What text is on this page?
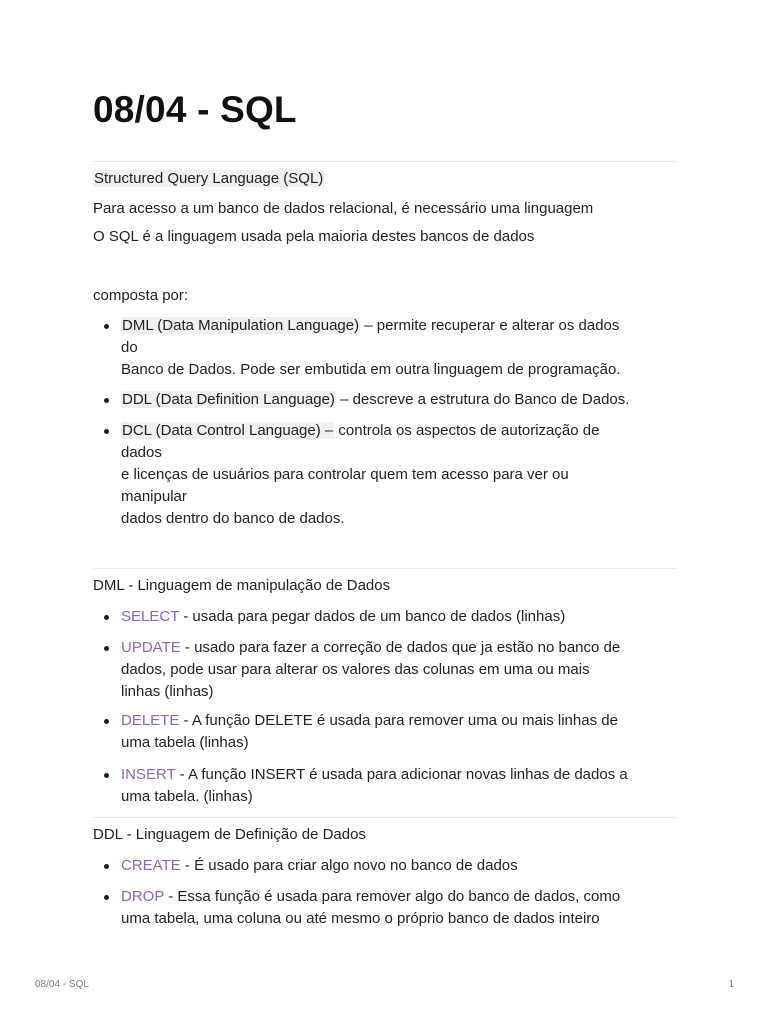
08/04 - SQL
Structured Query Language (SQL)
Para acesso a um banco de dados relacional, é necessário uma linguagem
O SQL é a linguagem usada pela maioria destes bancos de dados
composta por:
DML (Data Manipulation Language) – permite recuperar e alterar os dados
do
Banco de Dados. Pode ser embutida em outra linguagem de programação.
DDL (Data Definition Language) – descreve a estrutura do Banco de Dados.
DCL (Data Control Language) – controla os aspectos de autorização de
dados
e licenças de usuários para controlar quem tem acesso para ver ou
manipular
dados dentro do banco de dados.
DML - Linguagem de manipulação de Dados
SELECT - usada para pegar dados de um banco de dados (linhas)
UPDATE - usado para fazer a correção de dados que ja estão no banco de
dados, pode usar para alterar os valores das colunas em uma ou mais
linhas (linhas)
DELETE - A função DELETE é usada para remover uma ou mais linhas de
uma tabela (linhas)
INSERT - A função INSERT é usada para adicionar novas linhas de dados a
uma tabela. (linhas)
DDL - Linguagem de Definição de Dados
CREATE - É usado para criar algo novo no banco de dados
DROP - Essa função é usada para remover algo do banco de dados, como
uma tabela, uma coluna ou até mesmo o próprio banco de dados inteiro
08/04 - SQL	1
